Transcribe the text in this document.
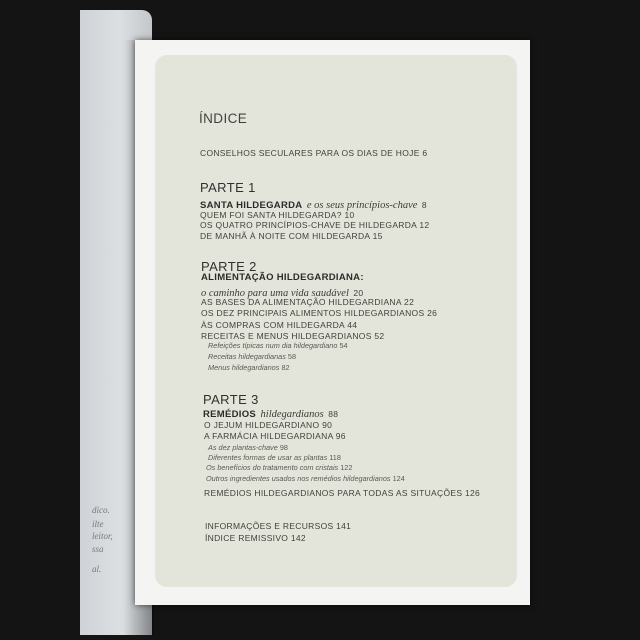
dico.
ilte
leitor,
ssa
al.
ÍNDICE
CONSELHOS SECULARES PARA OS DIAS DE HOJE 6
PARTE 1
SANTA HILDEGARDA e os seus princípios-chave 8
QUEM FOI SANTA HILDEGARDA? 10
OS QUATRO PRINCÍPIOS-CHAVE DE HILDEGARDA 12
DE MANHÃ À NOITE COM HILDEGARDA 15
PARTE 2
ALIMENTAÇÃO HILDEGARDIANA:
o caminho para uma vida saudável 20
AS BASES DA ALIMENTAÇÃO HILDEGARDIANA 22
OS DEZ PRINCIPAIS ALIMENTOS HILDEGARDIANOS 26
ÀS COMPRAS COM HILDEGARDA 44
RECEITAS E MENUS HILDEGARDIANOS 52
Refeições típicas num dia hildegardiano 54
Receitas hildegardianas 58
Menus hildegardianos 82
PARTE 3
REMÉDIOS hildegardianos 88
O JEJUM HILDEGARDIANO 90
A FARMÁCIA HILDEGARDIANA 96
As dez plantas-chave 98
Diferentes formas de usar as plantas 118
Os benefícios do tratamento com cristais 122
Outros ingredientes usados nos remédios hildegardianos 124
REMÉDIOS HILDEGARDIANOS PARA TODAS AS SITUAÇÕES 126
INFORMAÇÕES E RECURSOS 141
ÍNDICE REMISSIVO 142
